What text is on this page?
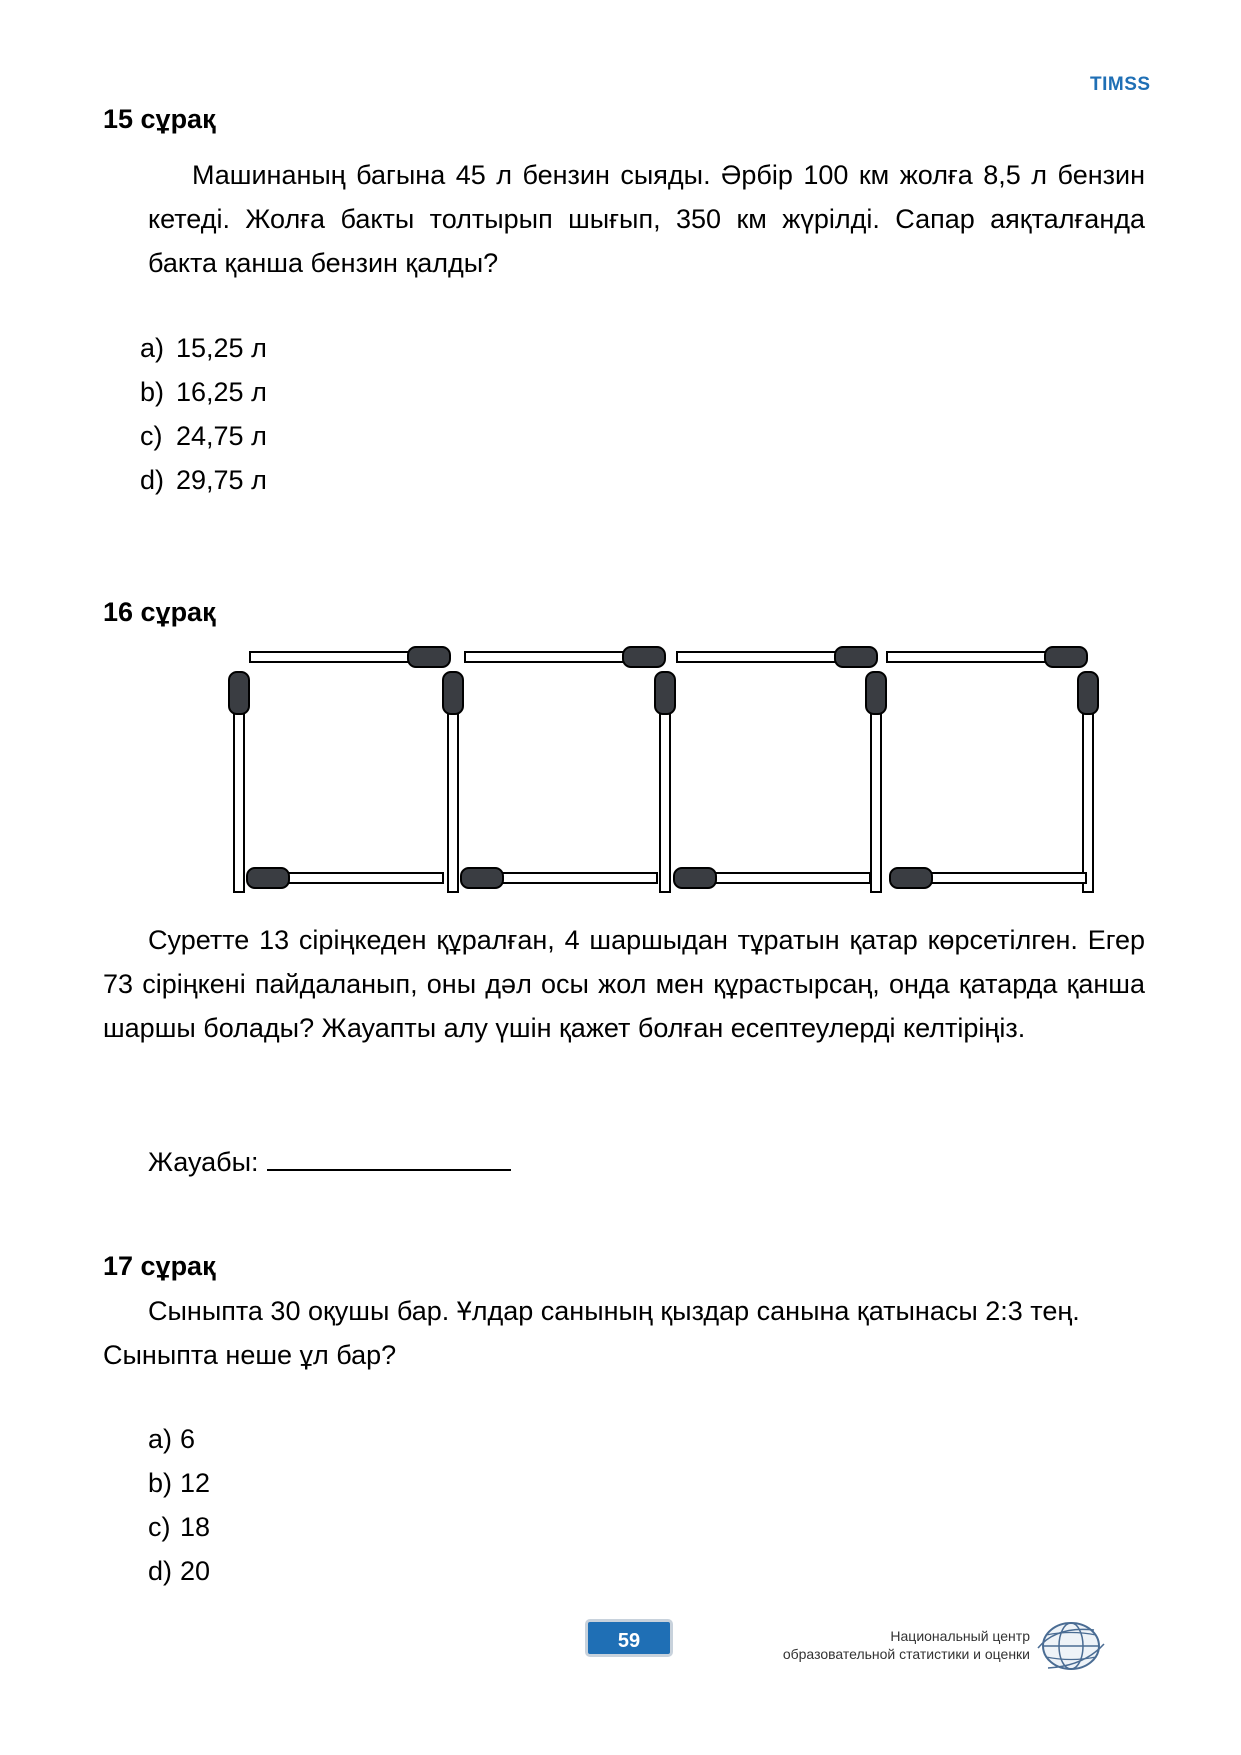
TIMSS
15 сұрақ
Машинаның багына 45 л бензин сыяды. Әрбір 100 км жолға 8,5 л бензин кетеді. Жолға бакты толтырып шығып, 350 км жүрілді. Сапар аяқталғанда бакта қанша бензин қалды?
a) 15,25 л
b) 16,25 л
c) 24,75 л
d) 29,75 л
16 сұрақ
Суретте 13 сіріңкеден құралған, 4 шаршыдан тұратын қатар көрсетілген. Егер 73 сіріңкені пайдаланып, оны дәл осы жол мен құрастырсаң, онда қатарда қанша шаршы болады? Жауапты алу үшін қажет болған есептеулерді келтіріңіз.
Жауабы:
17 сұрақ
Сыныпта 30 оқушы бар. Ұлдар санының қыздар санына қатынасы 2:3 тең. Сыныпта неше ұл бар?
a) 6
b) 12
c) 18
d) 20
59	Национальный центр
образовательной статистики и оценки
